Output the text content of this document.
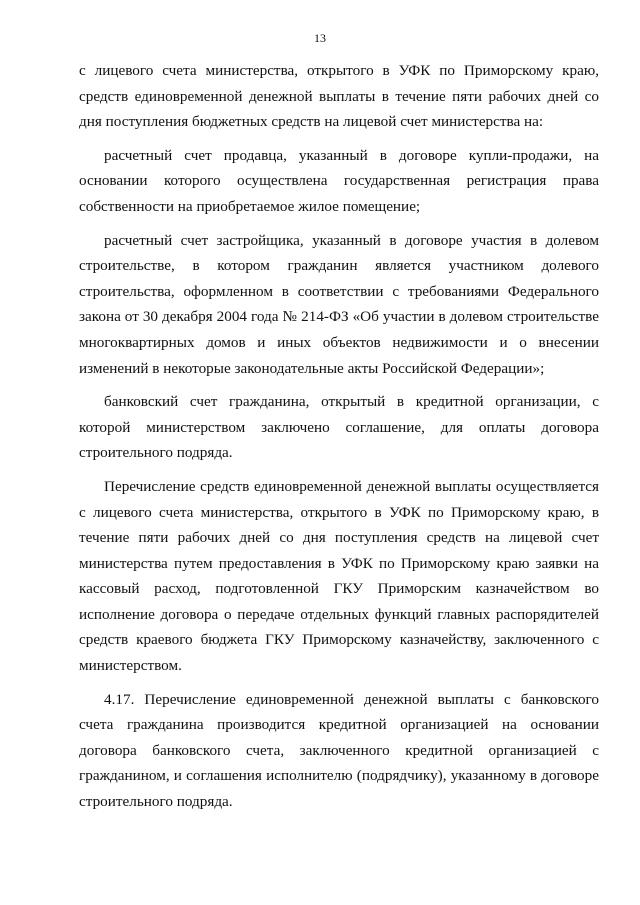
13

с лицевого счета министерства, открытого в УФК по Приморскому краю, средств единовременной денежной выплаты в течение пяти рабочих дней со дня поступления бюджетных средств на лицевой счет министерства на:

расчетный счет продавца, указанный в договоре купли-продажи, на основании которого осуществлена государственная регистрация права собственности на приобретаемое жилое помещение;

расчетный счет застройщика, указанный в договоре участия в долевом строительстве, в котором гражданин является участником долевого строительства, оформленном в соответствии с требованиями Федерального закона от 30 декабря 2004 года № 214-ФЗ «Об участии в долевом строительстве многоквартирных домов и иных объектов недвижимости и о внесении изменений в некоторые законодательные акты Российской Федерации»;

банковский счет гражданина, открытый в кредитной организации, с которой министерством заключено соглашение, для оплаты договора строительного подряда.

Перечисление средств единовременной денежной выплаты осуществляется с лицевого счета министерства, открытого в УФК по Приморскому краю, в течение пяти рабочих дней со дня поступления средств на лицевой счет министерства путем предоставления в УФК по Приморскому краю заявки на кассовый расход, подготовленной ГКУ Приморским казначейством во исполнение договора о передаче отдельных функций главных распорядителей средств краевого бюджета ГКУ Приморскому казначейству, заключенного с министерством.

4.17. Перечисление единовременной денежной выплаты с банковского счета гражданина производится кредитной организацией на основании договора банковского счета, заключенного кредитной организацией с гражданином, и соглашения исполнителю (подрядчику), указанному в договоре строительного подряда.
